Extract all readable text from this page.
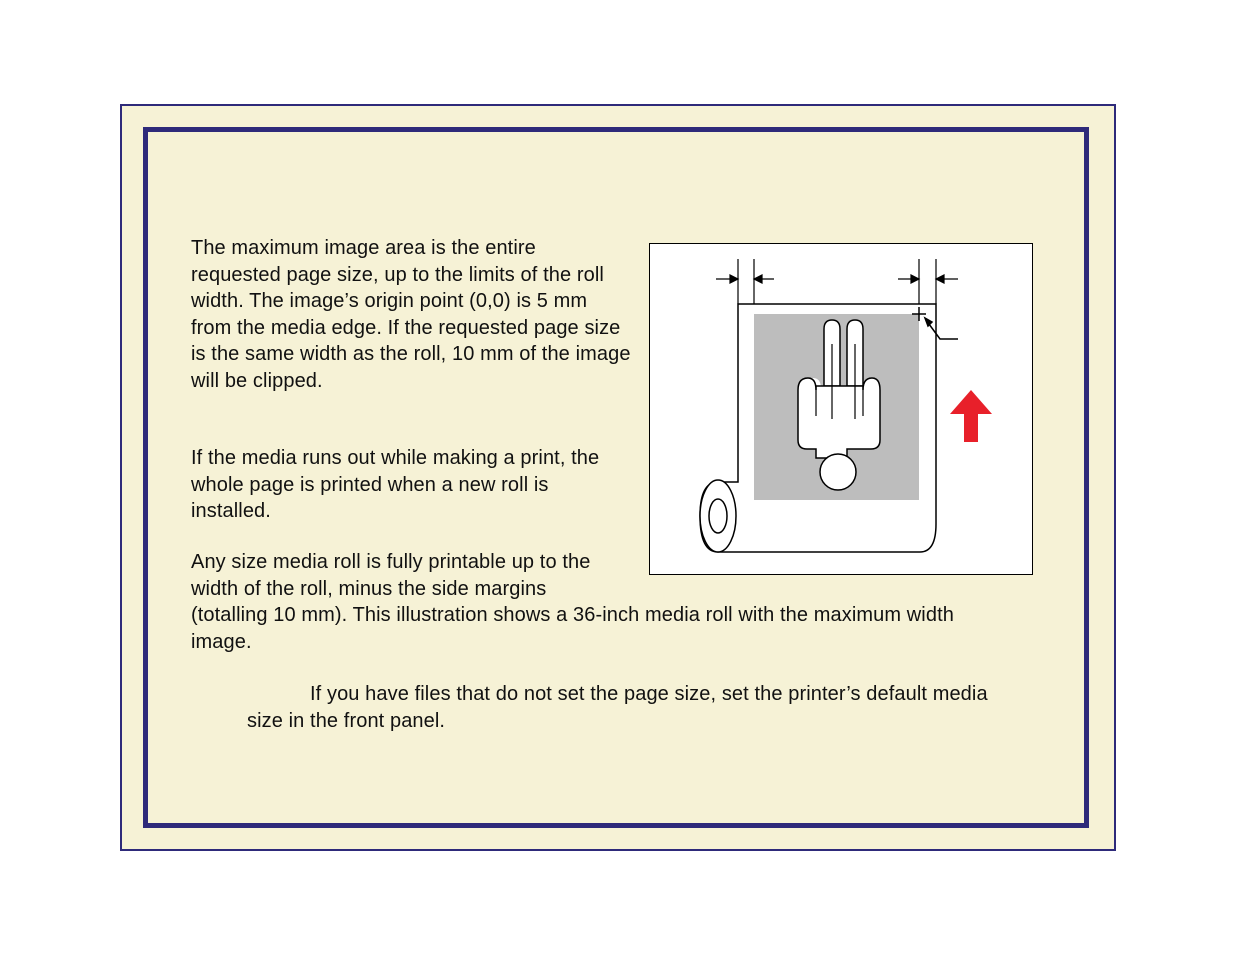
The maximum image area is the entire requested page size, up to the limits of the roll width. The image’s origin point (0,0) is 5 mm from the media edge. If the requested page size is the same width as the roll, 10 mm of the image will be clipped.

If the media runs out while making a print, the whole page is printed when a new roll is installed.

Any size media roll is fully printable up to the width of the roll, minus the side margins
(totalling 10 mm). This illustration shows a 36-inch media roll with the maximum width image.

If you have files that do not set the page size, set the printer’s default media size in the front panel.
